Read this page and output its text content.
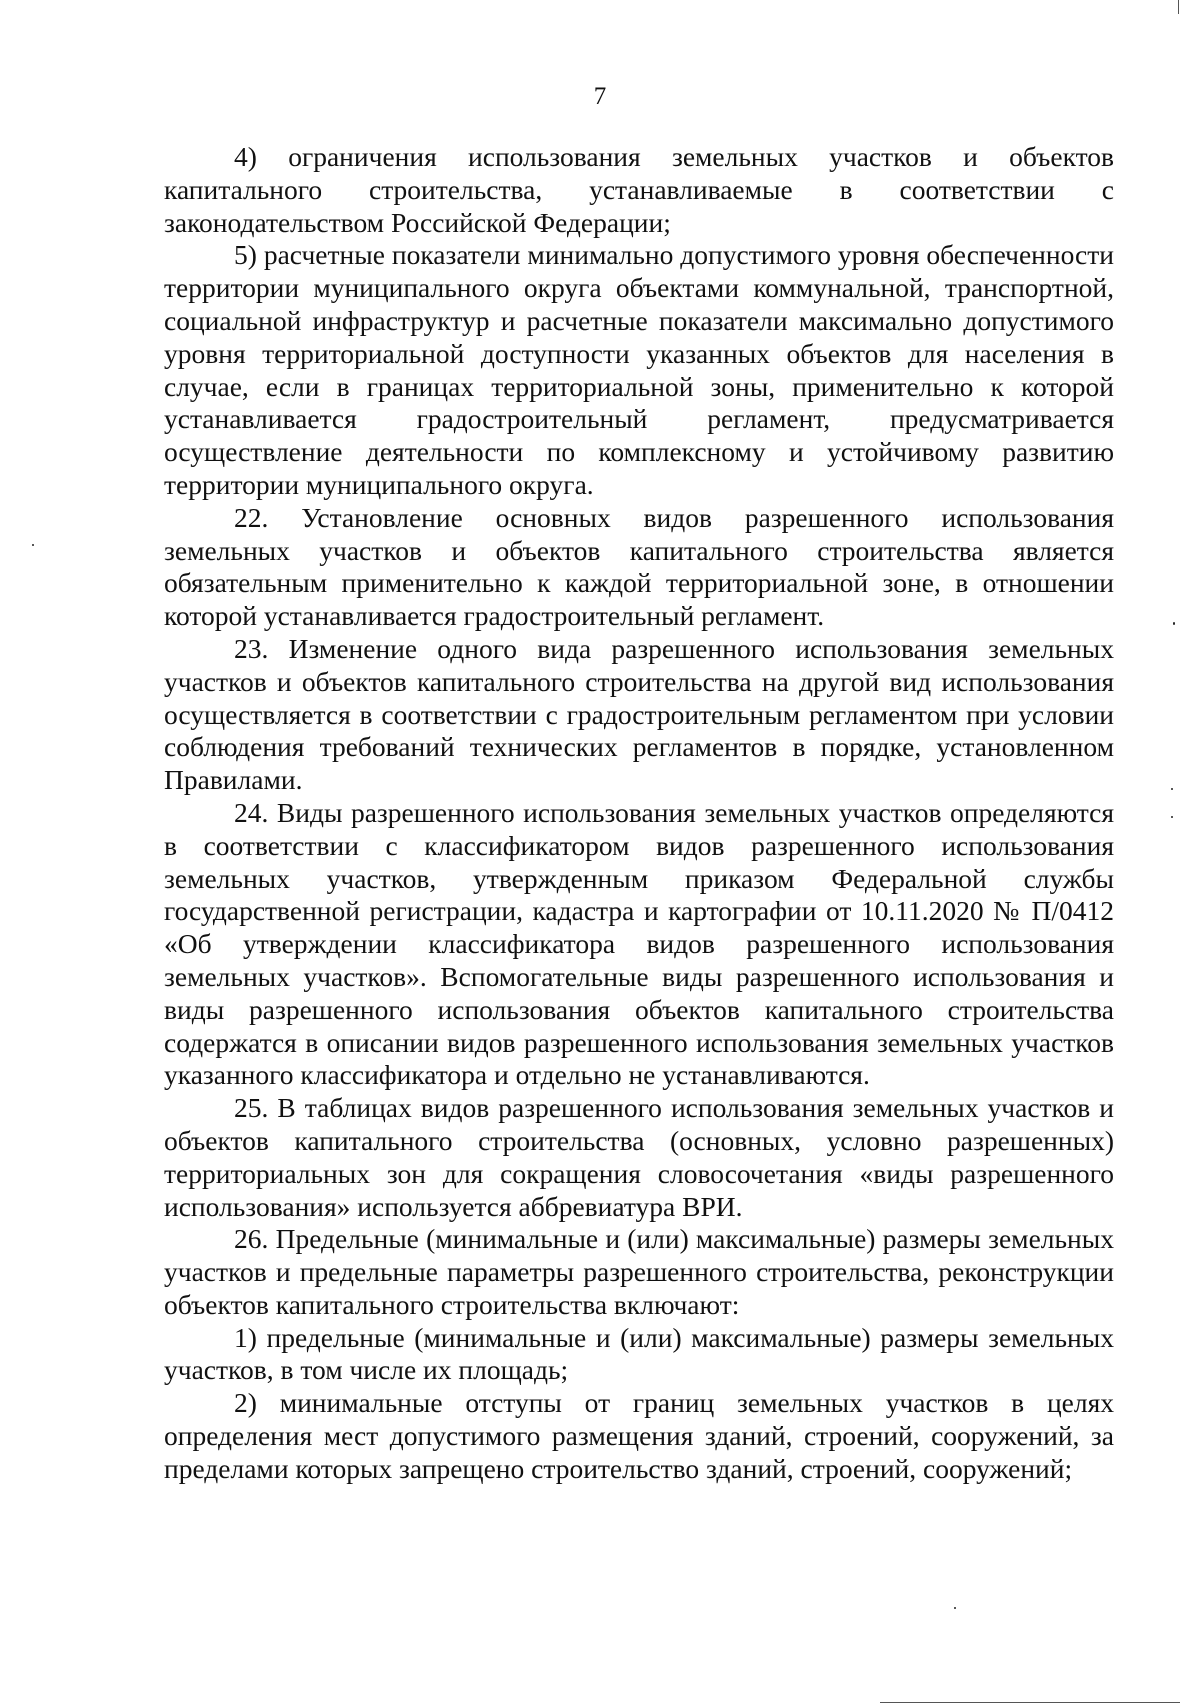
7

4) ограничения использования земельных участков и объектов капитального строительства, устанавливаемые в соответствии с законодательством Российской Федерации;

5) расчетные показатели минимально допустимого уровня обеспеченности территории муниципального округа объектами коммунальной, транспортной, социальной инфраструктур и расчетные показатели максимально допустимого уровня территориальной доступности указанных объектов для населения в случае, если в границах территориальной зоны, применительно к которой устанавливается градостроительный регламент, предусматривается осуществление деятельности по комплексному и устойчивому развитию территории муниципального округа.

22. Установление основных видов разрешенного использования земельных участков и объектов капитального строительства является обязательным применительно к каждой территориальной зоне, в отношении которой устанавливается градостроительный регламент.

23. Изменение одного вида разрешенного использования земельных участков и объектов капитального строительства на другой вид использования осуществляется в соответствии с градостроительным регламентом при условии соблюдения требований технических регламентов в порядке, установленном Правилами.

24. Виды разрешенного использования земельных участков определяются в соответствии с классификатором видов разрешенного использования земельных участков, утвержденным приказом Федеральной службы государственной регистрации, кадастра и картографии от 10.11.2020 № П/0412 «Об утверждении классификатора видов разрешенного использования земельных участков». Вспомогательные виды разрешенного использования и виды разрешенного использования объектов капитального строительства содержатся в описании видов разрешенного использования земельных участков указанного классификатора и отдельно не устанавливаются.

25. В таблицах видов разрешенного использования земельных участков и объектов капитального строительства (основных, условно разрешенных) территориальных зон для сокращения словосочетания «виды разрешенного использования» используется аббревиатура ВРИ.

26. Предельные (минимальные и (или) максимальные) размеры земельных участков и предельные параметры разрешенного строительства, реконструкции объектов капитального строительства включают:

1) предельные (минимальные и (или) максимальные) размеры земельных участков, в том числе их площадь;

2) минимальные отступы от границ земельных участков в целях определения мест допустимого размещения зданий, строений, сооружений, за пределами которых запрещено строительство зданий, строений, сооружений;
